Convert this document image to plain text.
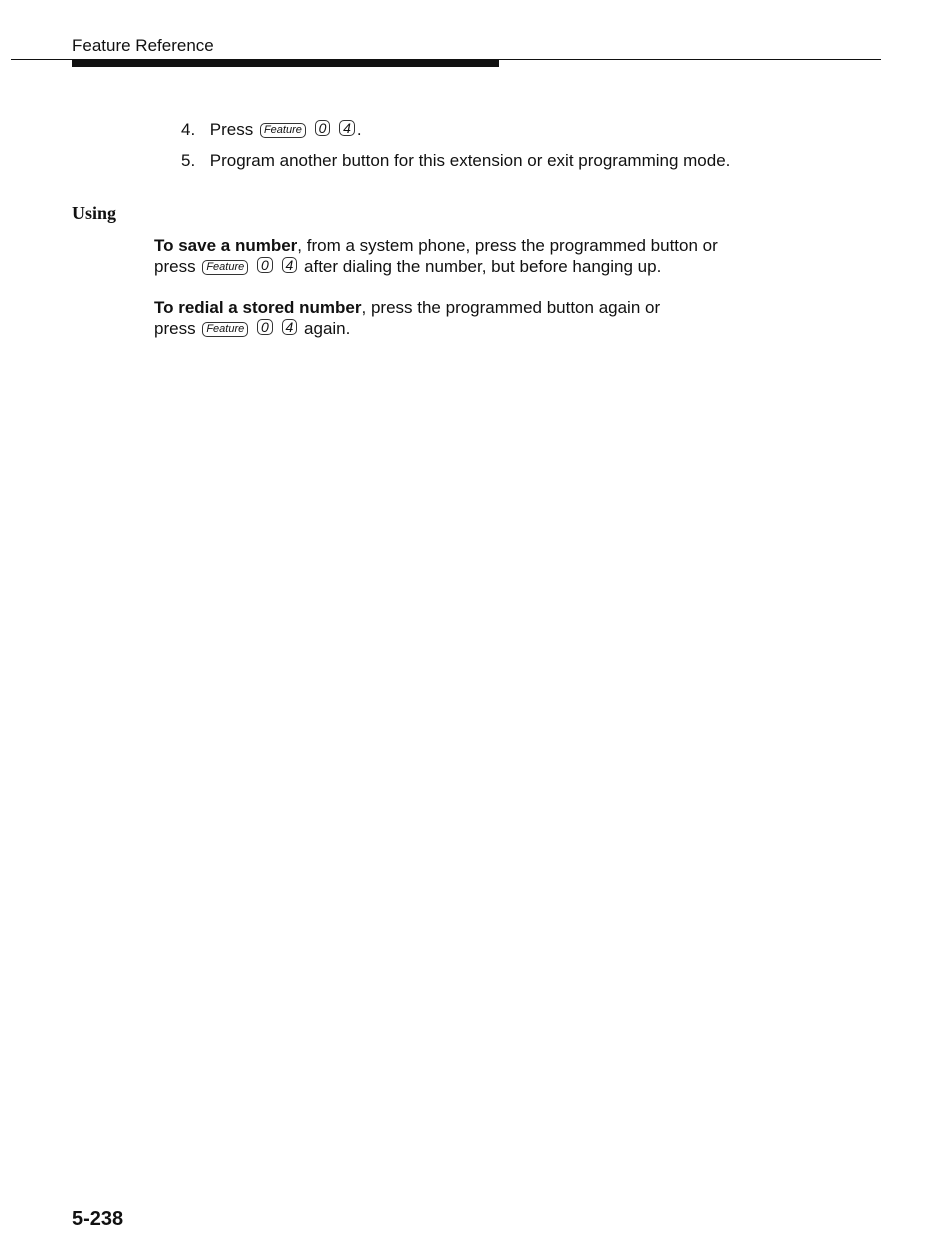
Feature Reference
4. Press Feature 0 4 .
5. Program another button for this extension or exit programming mode.
Using
To save a number, from a system phone, press the programmed button or
press Feature 0 4 after dialing the number, but before hanging up.
To redial a stored number, press the programmed button again or
press Feature 0 4 again.
5-238
